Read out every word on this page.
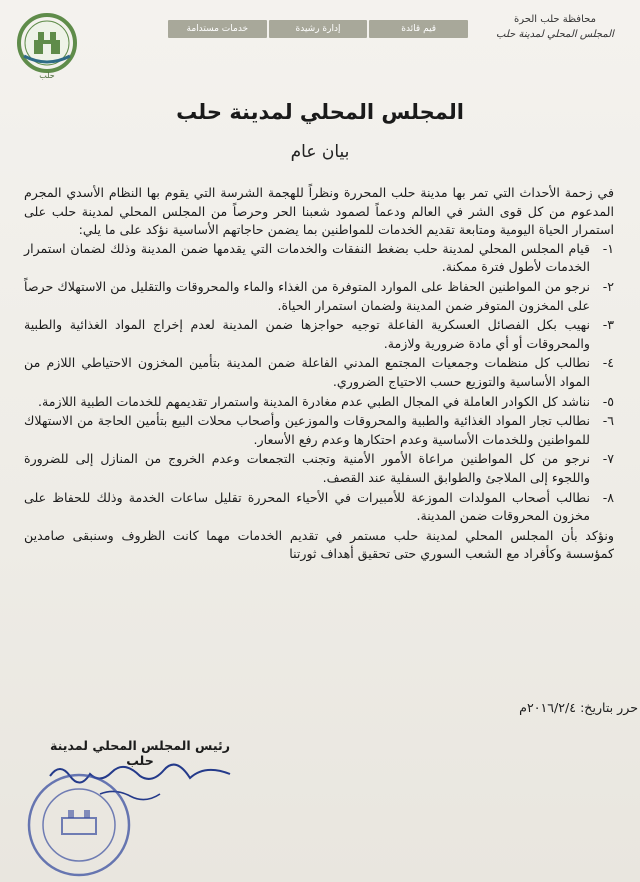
محافظة حلب الحرة
المجلس المحلي لمدينة حلب
قيم قائدة
إدارة رشيدة
خدمات مستدامة
حلب
المجلس المحلي لمدينة حلب
بيان عام

في زحمة الأحداث التي تمر بها مدينة حلب المحررة ونظراً للهجمة الشرسة التي يقوم بها النظام الأسدي المجرم المدعوم من كل قوى الشر في العالم ودعماً لصمود شعبنا الحر وحرصاً من المجلس المحلي لمدينة حلب على استمرار الحياة اليومية ومتابعة تقديم الخدمات للمواطنين بما يضمن حاجاتهم الأساسية نؤكد على ما يلي:

١-
قيام المجلس المحلي لمدينة حلب بضغط النفقات والخدمات التي يقدمها ضمن المدينة وذلك لضمان استمرار الخدمات لأطول فترة ممكنة.
٢-
نرجو من المواطنين الحفاظ على الموارد المتوفرة من الغذاء والماء والمحروقات والتقليل من الاستهلاك حرصاً على المخزون المتوفر ضمن المدينة ولضمان استمرار الحياة.
٣-
نهيب بكل الفصائل العسكرية الفاعلة توجيه حواجزها ضمن المدينة لعدم إخراج المواد الغذائية والطبية والمحروقات أو أي مادة ضرورية ولازمة.
٤-
نطالب كل منظمات وجمعيات المجتمع المدني الفاعلة ضمن المدينة بتأمين المخزون الاحتياطي اللازم من المواد الأساسية والتوزيع حسب الاحتياج الضروري.
٥-
نناشد كل الكوادر العاملة في المجال الطبي عدم مغادرة المدينة واستمرار تقديمهم للخدمات الطبية اللازمة.
٦-
نطالب تجار المواد الغذائية والطبية والمحروقات والموزعين وأصحاب محلات البيع بتأمين الحاجة من الاستهلاك للمواطنين وللخدمات الأساسية وعدم احتكارها وعدم رفع الأسعار.
٧-
نرجو من كل المواطنين مراعاة الأمور الأمنية وتجنب التجمعات وعدم الخروج من المنازل إلى للضرورة واللجوء إلى الملاجئ والطوابق السفلية عند القصف.
٨-
نطالب أصحاب المولدات الموزعة للأمبيرات في الأحياء المحررة تقليل ساعات الخدمة وذلك للحفاظ على مخزون المحروقات ضمن المدينة.

ونؤكد بأن المجلس المحلي لمدينة حلب مستمر في تقديم الخدمات مهما كانت الظروف وسنبقى صامدين كمؤسسة وكأفراد مع الشعب السوري حتى تحقيق أهداف ثورتنا

حرر بتاريخ: ٢٠١٦/٢/٤م
رئيس المجلس المحلي لمدينة حلب
